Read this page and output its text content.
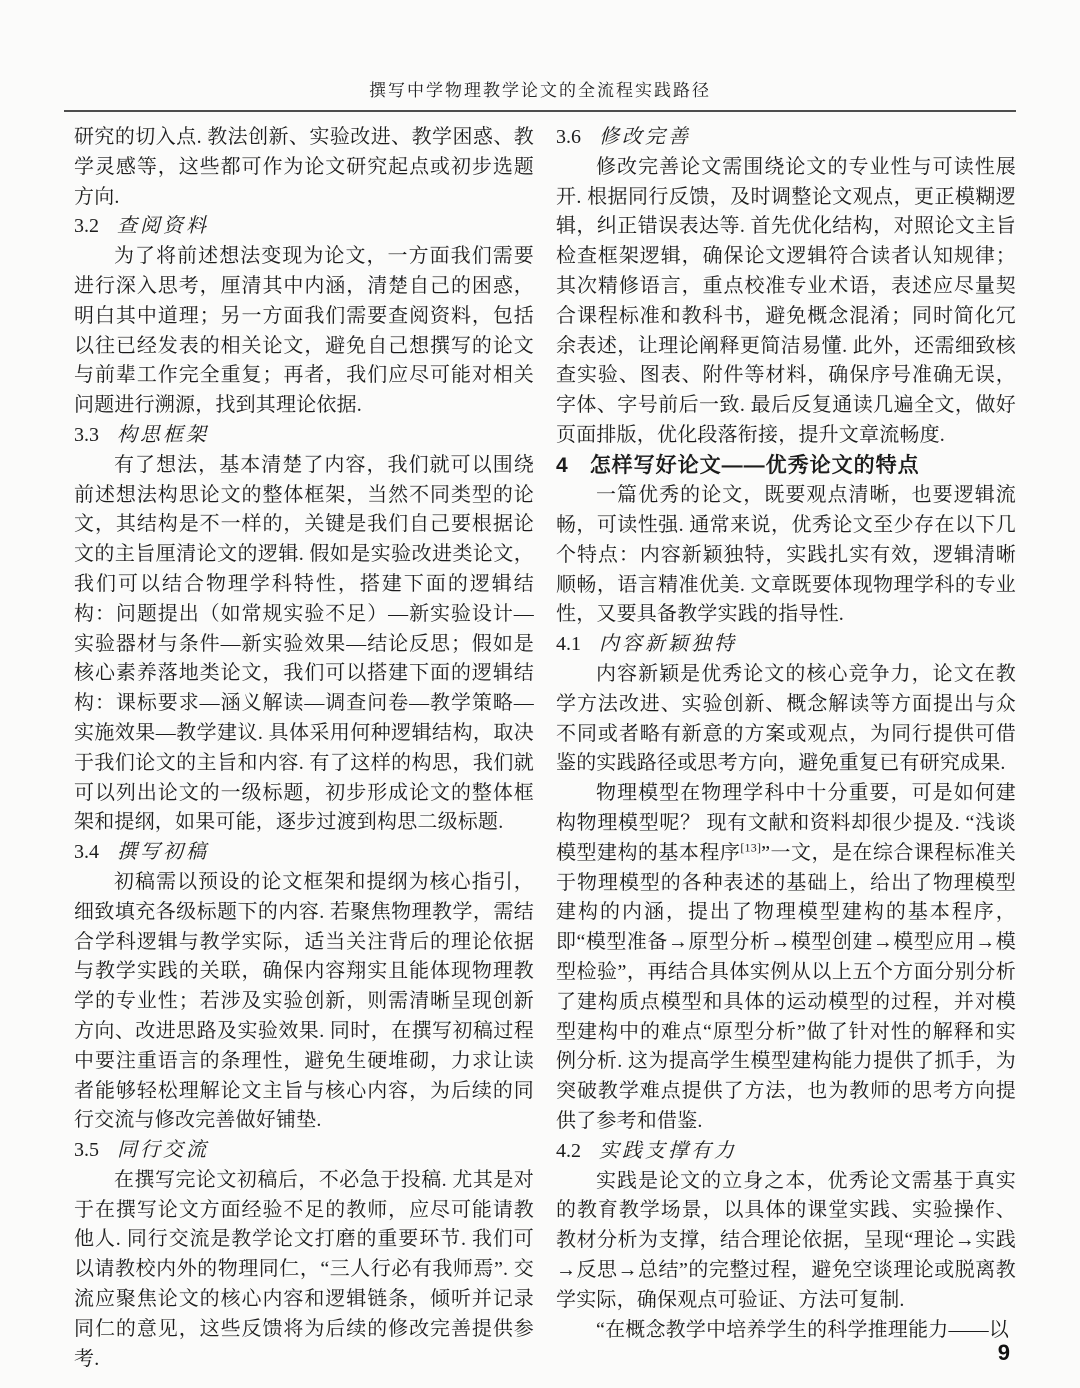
撰写中学物理教学论文的全流程实践路径

研究的切入点. 教法创新、实验改进、教学困惑、教学灵感等，这些都可作为论文研究起点或初步选题方向.

3.2 查阅资料

为了将前述想法变现为论文，一方面我们需要进行深入思考，厘清其中内涵，清楚自己的困惑，明白其中道理；另一方面我们需要查阅资料，包括以往已经发表的相关论文，避免自己想撰写的论文与前辈工作完全重复；再者，我们应尽可能对相关问题进行溯源，找到其理论依据.

3.3 构思框架

有了想法，基本清楚了内容，我们就可以围绕前述想法构思论文的整体框架，当然不同类型的论文，其结构是不一样的，关键是我们自己要根据论文的主旨厘清论文的逻辑. 假如是实验改进类论文，我们可以结合物理学科特性，搭建下面的逻辑结构：问题提出（如常规实验不足）—新实验设计—实验器材与条件—新实验效果—结论反思；假如是核心素养落地类论文，我们可以搭建下面的逻辑结构：课标要求—涵义解读—调查问卷—教学策略—实施效果—教学建议. 具体采用何种逻辑结构，取决于我们论文的主旨和内容. 有了这样的构思，我们就可以列出论文的一级标题，初步形成论文的整体框架和提纲，如果可能，逐步过渡到构思二级标题.

3.4 撰写初稿

初稿需以预设的论文框架和提纲为核心指引，细致填充各级标题下的内容. 若聚焦物理教学，需结合学科逻辑与教学实际，适当关注背后的理论依据与教学实践的关联，确保内容翔实且能体现物理教学的专业性；若涉及实验创新，则需清晰呈现创新方向、改进思路及实验效果. 同时，在撰写初稿过程中要注重语言的条理性，避免生硬堆砌，力求让读者能够轻松理解论文主旨与核心内容，为后续的同行交流与修改完善做好铺垫.

3.5 同行交流

在撰写完论文初稿后，不必急于投稿. 尤其是对于在撰写论文方面经验不足的教师，应尽可能请教他人. 同行交流是教学论文打磨的重要环节. 我们可以请教校内外的物理同仁，“三人行必有我师焉”. 交流应聚焦论文的核心内容和逻辑链条，倾听并记录同仁的意见，这些反馈将为后续的修改完善提供参考.

3.6 修改完善

修改完善论文需围绕论文的专业性与可读性展开. 根据同行反馈，及时调整论文观点，更正模糊逻辑，纠正错误表达等. 首先优化结构，对照论文主旨检查框架逻辑，确保论文逻辑符合读者认知规律；其次精修语言，重点校准专业术语，表述应尽量契合课程标准和教科书，避免概念混淆；同时简化冗余表述，让理论阐释更简洁易懂. 此外，还需细致核查实验、图表、附件等材料，确保序号准确无误，字体、字号前后一致. 最后反复通读几遍全文，做好页面排版，优化段落衔接，提升文章流畅度.

4 怎样写好论文——优秀论文的特点

一篇优秀的论文，既要观点清晰，也要逻辑流畅，可读性强. 通常来说，优秀论文至少存在以下几个特点：内容新颖独特，实践扎实有效，逻辑清晰顺畅，语言精准优美. 文章既要体现物理学科的专业性，又要具备教学实践的指导性.

4.1 内容新颖独特

内容新颖是优秀论文的核心竞争力，论文在教学方法改进、实验创新、概念解读等方面提出与众不同或者略有新意的方案或观点，为同行提供可借鉴的实践路径或思考方向，避免重复已有研究成果.

物理模型在物理学科中十分重要，可是如何建构物理模型呢？ 现有文献和资料却很少提及. “浅谈模型建构的基本程序[13]”一文，是在综合课程标准关于物理模型的各种表述的基础上，给出了物理模型建构的内涵，提出了物理模型建构的基本程序，即“模型准备→原型分析→模型创建→模型应用→模型检验”，再结合具体实例从以上五个方面分别分析了建构质点模型和具体的运动模型的过程，并对模型建构中的难点“原型分析”做了针对性的解释和实例分析. 这为提高学生模型建构能力提供了抓手，为突破教学难点提供了方法，也为教师的思考方向提供了参考和借鉴.

4.2 实践支撑有力

实践是论文的立身之本，优秀论文需基于真实的教育教学场景，以具体的课堂实践、实验操作、教材分析为支撑，结合理论依据，呈现“理论→实践→反思→总结”的完整过程，避免空谈理论或脱离教学实际，确保观点可验证、方法可复制.

“在概念教学中培养学生的科学推理能力——以

9
